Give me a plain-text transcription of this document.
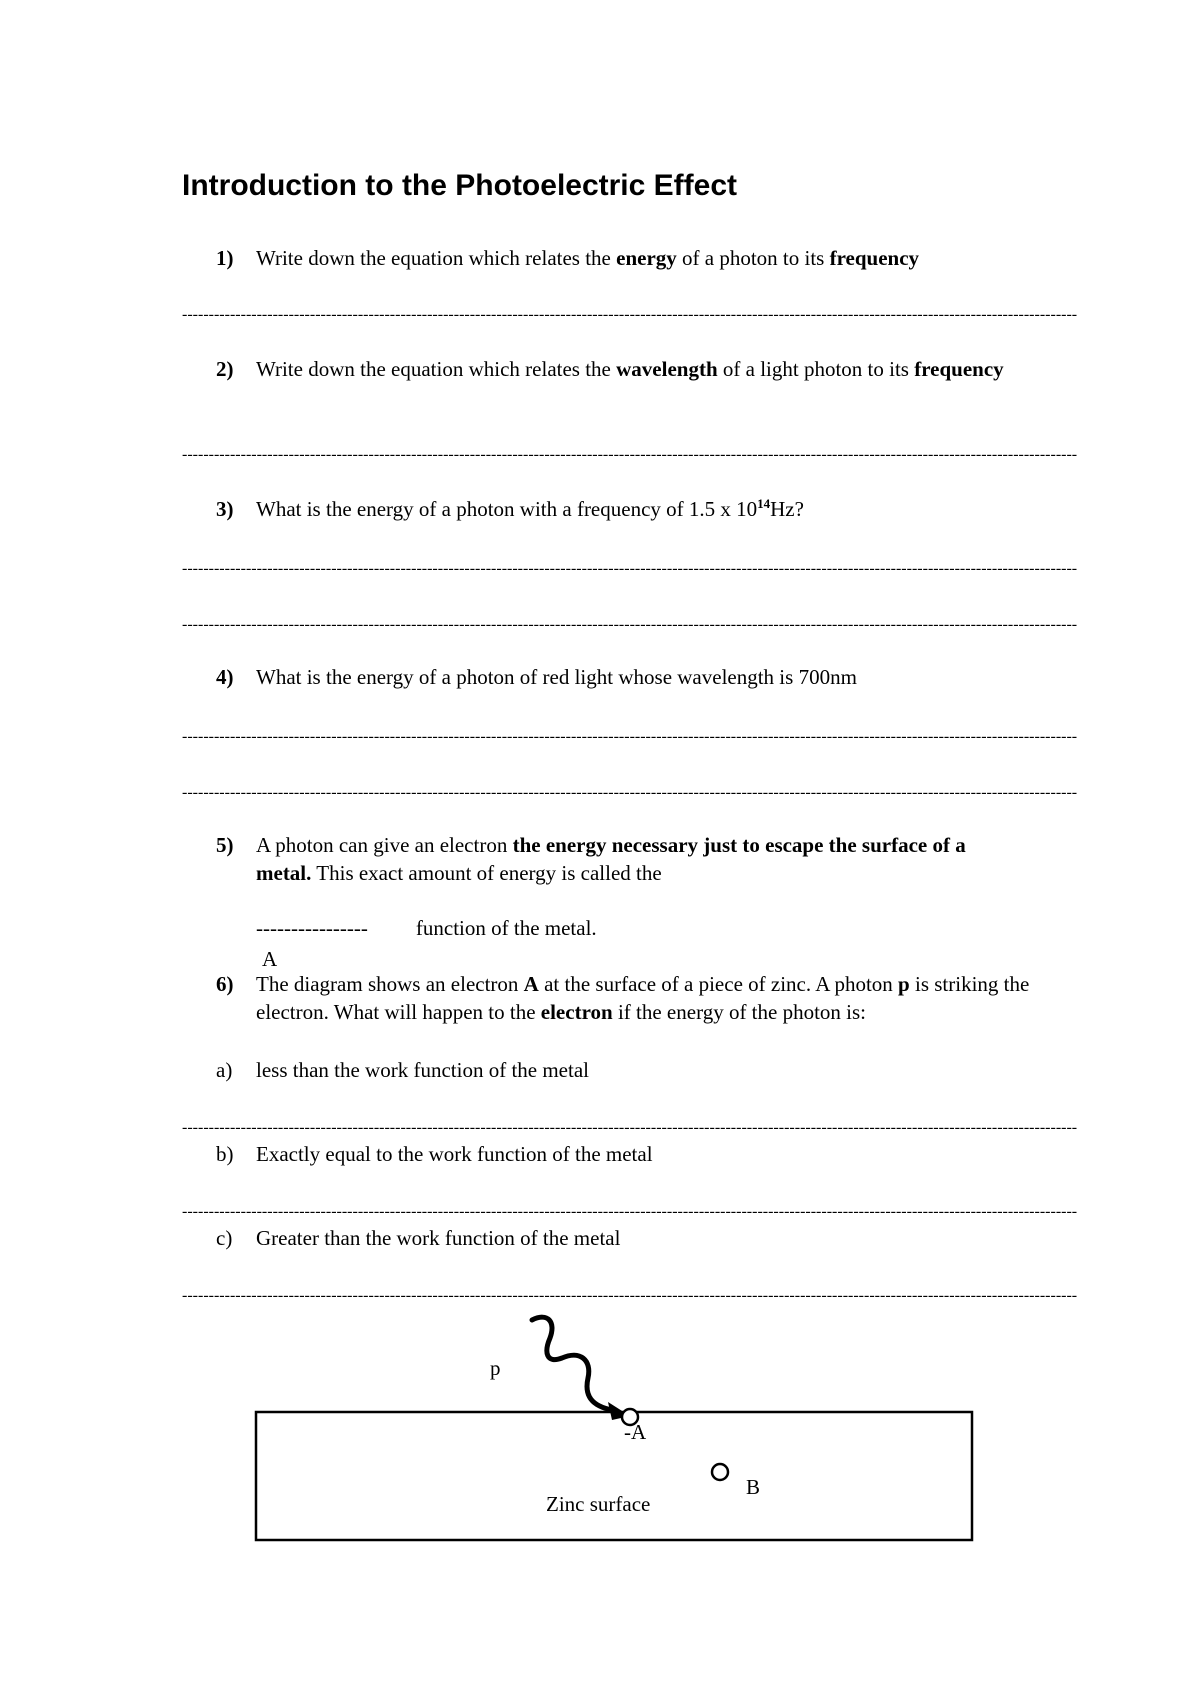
Introduction to the Photoelectric Effect
1) Write down the equation which relates the energy of a photon to its frequency
------------------------------------------------------------------------------------------------------------------------------------------------------------------------
2) Write down the equation which relates the wavelength of a light photon to its frequency
------------------------------------------------------------------------------------------------------------------------------------------------------------------------
3) What is the energy of a photon with a frequency of 1.5 x $10^{14}Hz$?
------------------------------------------------------------------------------------------------------------------------------------------------------------------------
------------------------------------------------------------------------------------------------------------------------------------------------------------------------
4) What is the energy of a photon of red light whose wavelength is 700nm
------------------------------------------------------------------------------------------------------------------------------------------------------------------------
------------------------------------------------------------------------------------------------------------------------------------------------------------------------
5) A photon can give an electron the energy necessary just to escape the surface of a metal. This exact amount of energy is called the
---------------- function of the metal.
A
6) The diagram shows an electron A at the surface of a piece of zinc. A photon p is striking the electron. What will happen to the electron if the energy of the photon is:
a) less than the work function of the metal
------------------------------------------------------------------------------------------------------------------------------------------------------------------------
b) Exactly equal to the work function of the metal
------------------------------------------------------------------------------------------------------------------------------------------------------------------------
c) Greater than the work function of the metal
------------------------------------------------------------------------------------------------------------------------------------------------------------------------
p
-A
B
Zinc surface
